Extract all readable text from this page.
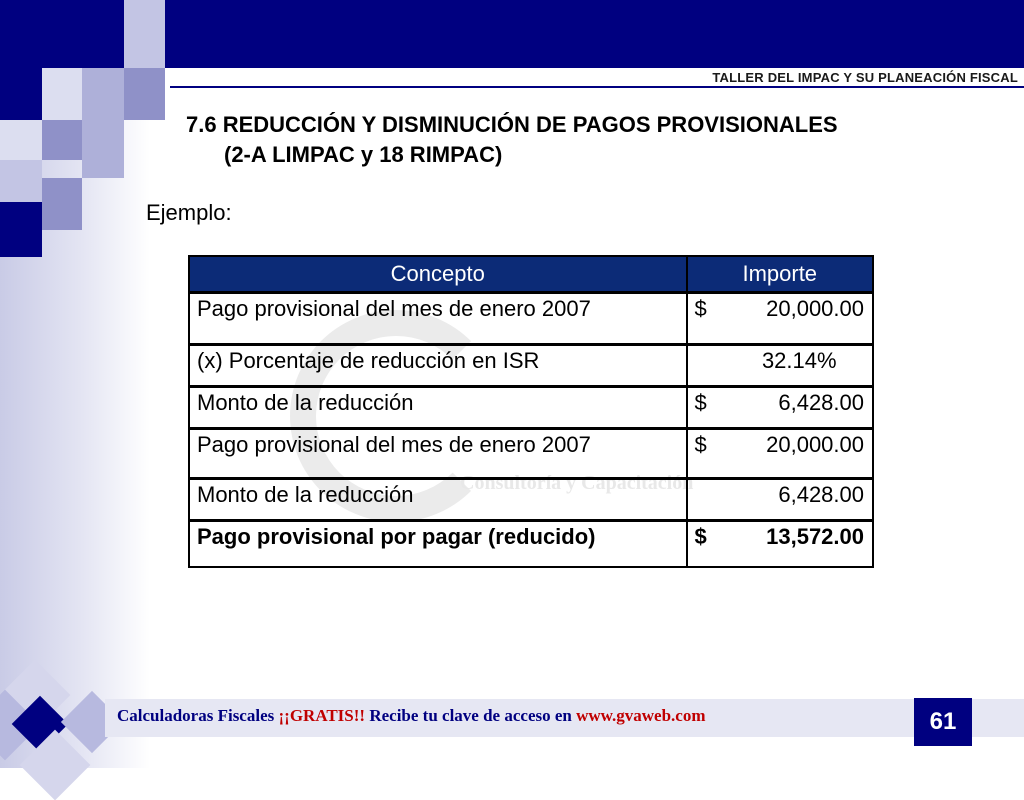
TALLER DEL IMPAC Y SU PLANEACIÓN FISCAL
7.6 REDUCCIÓN Y DISMINUCIÓN DE PAGOS PROVISIONALES
(2-A LIMPAC y 18 RIMPAC)
Ejemplo:
Consultoría y Capacitación
Concepto	Importe

Pago provisional del mes de enero 2007	$ 20,000.00

(x) Porcentaje de reducción en ISR	32.14%

Monto de la reducción	$ 6,428.00

Pago provisional del mes de enero 2007	$ 20,000.00

Monto de la reducción	6,428.00

Pago provisional por pagar (reducido)	$ 13,572.00
Calculadoras Fiscales ¡¡GRATIS!! Recibe tu clave de acceso en www.gvaweb.com	61
